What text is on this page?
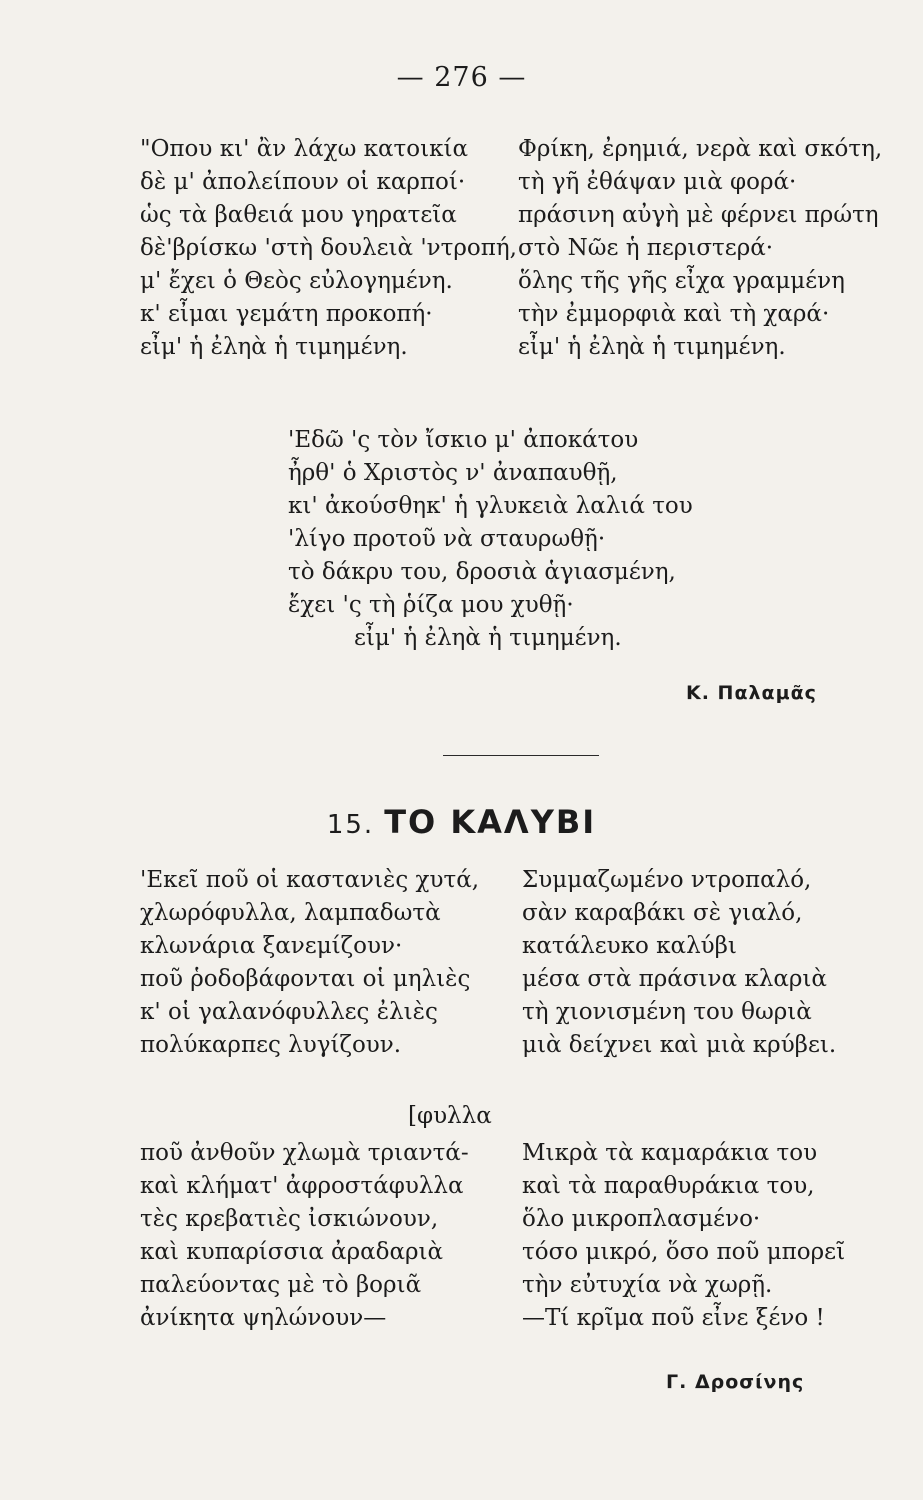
— 276 —
"Οπου κι' ἂν λάχω κατοικία
δὲ μ' ἀπολείπουν οἱ καρποί·
ὡς τὰ βαθειά μου γηρατεῖα
δὲ'βρίσκω 'στὴ δουλειὰ 'ντροπή,
μ' ἔχει ὁ Θεὸς εὐλογημένη.
κ' εἶμαι γεμάτη προκοπή·
εἶμ' ἡ ἐληὰ ἡ τιμημένη.
Φρίκη, ἐρημιά, νερὰ καὶ σκότη,
τὴ γῆ ἐθάψαν μιὰ φορά·
πράσινη αὐγὴ μὲ φέρνει πρώτη
στὸ Νῶε ἡ περιστερά·
ὅλης τῆς γῆς εἶχα γραμμένη
τὴν ἐμμορφιὰ καὶ τὴ χαρά·
εἶμ' ἡ ἐληὰ ἡ τιμημένη.
'Εδῶ 'ς τὸν ἴσκιο μ' ἀποκάτου
ἦρθ' ὁ Χριστὸς ν' ἀναπαυθῇ,
κι' ἀκούσθηκ' ἡ γλυκειὰ λαλιά του
'λίγο προτοῦ νὰ σταυρωθῇ·
τὸ δάκρυ του, δροσιὰ ἁγιασμένη,
ἔχει 'ς τὴ ῥίζα μου χυθῇ·
εἶμ' ἡ ἐληὰ ἡ τιμημένη.
Κ. Παλαμᾶς
15. ΤΟ ΚΑΛΥΒΙ
'Εκεῖ ποῦ οἱ καστανιὲς χυτά,
χλωρόφυλλα, λαμπαδωτὰ
κλωνάρια ξανεμίζουν·
ποῦ ῥοδοβάφονται οἱ μηλιὲς
κ' οἱ γαλανόφυλλες ἐλιὲς
πολύκαρπες λυγίζουν.
[φυλλα
ποῦ ἀνθοῦν χλωμὰ τριαντά-
καὶ κλήματ' ἀφροστάφυλλα
τὲς κρεβατιὲς ἰσκιώνουν,
καὶ κυπαρίσσια ἀραδαριὰ
παλεύοντας μὲ τὸ βοριᾶ
ἀνίκητα ψηλώνουν—
Συμμαζωμένο ντροπαλό,
σὰν καραβάκι σὲ γιαλό,
κατάλευκο καλύβι
μέσα στὰ πράσινα κλαριὰ
τὴ χιονισμένη του θωριὰ
μιὰ δείχνει καὶ μιὰ κρύβει.
Μικρὰ τὰ καμαράκια του
καὶ τὰ παραθυράκια του,
ὅλο μικροπλασμένο·
τόσο μικρό, ὅσο ποῦ μπορεῖ
τὴν εὐτυχία νὰ χωρῇ.
—Τί κρῖμα ποῦ εἶνε ξένο !
Γ. Δροσίνης
